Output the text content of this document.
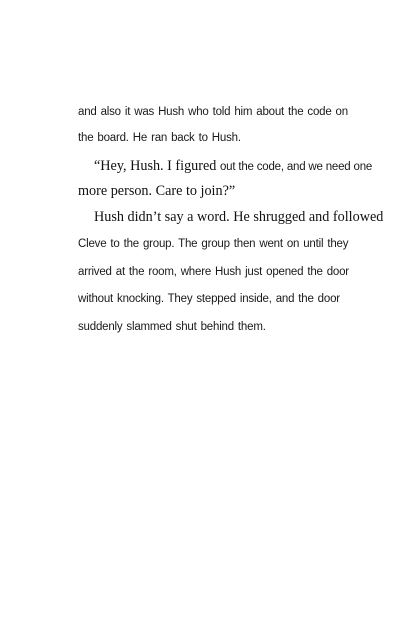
and also it was Hush who told him about the code on
the board. He ran back to Hush.
“Hey, Hush. I figured out the code, and we need one
more person. Care to join?”
Hush didn’t say a word. He shrugged and followed
Cleve to the group. The group then went on until they
arrived at the room, where Hush just opened the door
without knocking. They stepped inside, and the door
suddenly slammed shut behind them.
